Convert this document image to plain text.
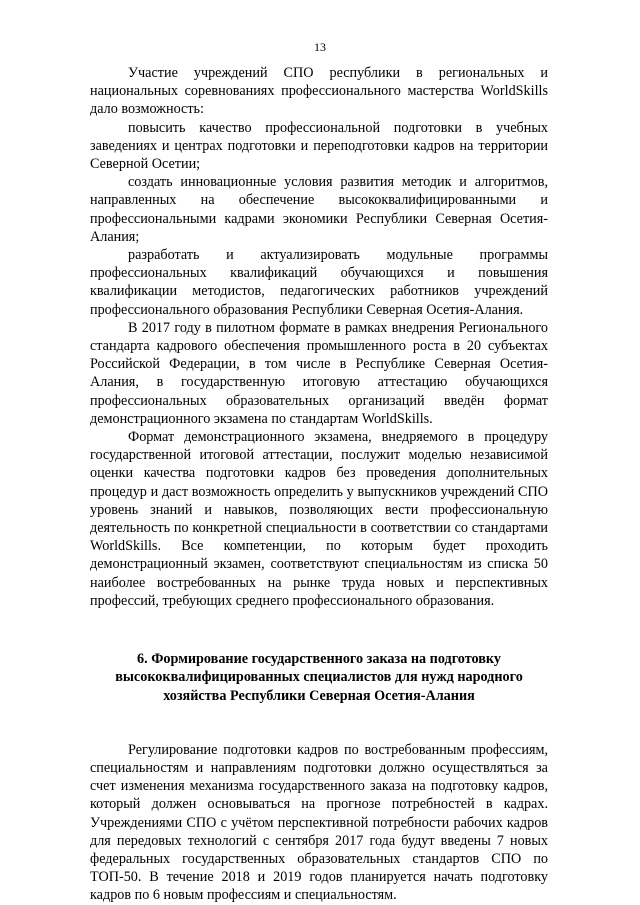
13

Участие учреждений СПО республики в региональных и национальных соревнованиях профессионального мастерства WorldSkills дало возможность:

повысить качество профессиональной подготовки в учебных заведениях и центрах подготовки и переподготовки кадров на территории Северной Осетии;

создать инновационные условия развития методик и алгоритмов, направленных на обеспечение высококвалифицированными и профессиональными кадрами экономики Республики Северная Осетия-Алания;

разработать и актуализировать модульные программы профессиональных квалификаций обучающихся и повышения квалификации методистов, педагогических работников учреждений профессионального образования Республики Северная Осетия-Алания.

В 2017 году в пилотном формате в рамках внедрения Регионального стандарта кадрового обеспечения промышленного роста в 20 субъектах Российской Федерации, в том числе в Республике Северная Осетия-Алания, в государственную итоговую аттестацию обучающихся профессиональных образовательных организаций введён формат демонстрационного экзамена по стандартам WorldSkills.

Формат демонстрационного экзамена, внедряемого в процедуру государственной итоговой аттестации, послужит моделью независимой оценки качества подготовки кадров без проведения дополнительных процедур и даст возможность определить у выпускников учреждений СПО уровень знаний и навыков, позволяющих вести профессиональную деятельность по конкретной специальности в соответствии со стандартами WorldSkills. Все компетенции, по которым будет проходить демонстрационный экзамен, соответствуют специальностям из списка 50 наиболее востребованных на рынке труда новых и перспективных профессий, требующих среднего профессионального образования.

6. Формирование государственного заказа на подготовку высококвалифицированных специалистов для нужд народного хозяйства Республики Северная Осетия-Алания

Регулирование подготовки кадров по востребованным профессиям, специальностям и направлениям подготовки должно осуществляться за счет изменения механизма государственного заказа на подготовку кадров, который должен основываться на прогнозе потребностей в кадрах. Учреждениями СПО с учётом перспективной потребности рабочих кадров для передовых технологий с сентября 2017 года будут введены 7 новых федеральных государственных образовательных стандартов СПО по ТОП-50. В течение 2018 и 2019 годов планируется начать подготовку кадров по 6 новым профессиям и специальностям.
